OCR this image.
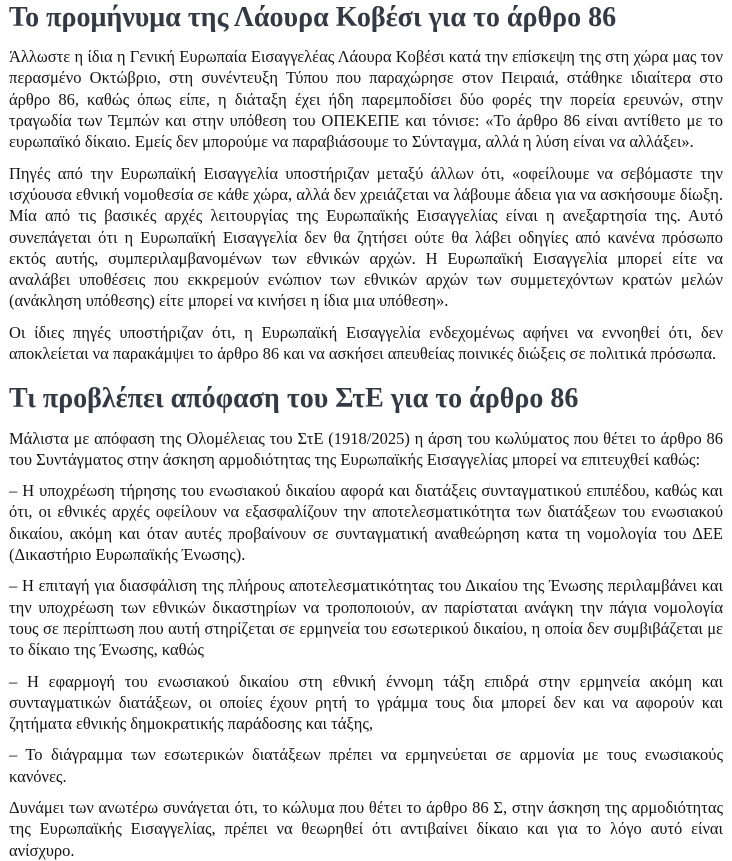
Το προμήνυμα της Λάουρα Κοβέσι για το άρθρο 86

Άλλωστε η ίδια η Γενική Ευρωπαία Εισαγγελέας Λάουρα Κοβέσι κατά την επίσκεψη της στη χώρα μας τον περασμένο Οκτώβριο, στη συνέντευξη Τύπου που παραχώρησε στον Πειραιά, στάθηκε ιδιαίτερα στο άρθρο 86, καθώς όπως είπε, η διάταξη έχει ήδη παρεμποδίσει δύο φορές την πορεία ερευνών, στην τραγωδία των Τεμπών και στην υπόθεση του ΟΠΕΚΕΠΕ και τόνισε: «Το άρθρο 86 είναι αντίθετο με το ευρωπαϊκό δίκαιο. Εμείς δεν μπορούμε να παραβιάσουμε το Σύνταγμα, αλλά η λύση είναι να αλλάξει».

Πηγές από την Ευρωπαϊκή Εισαγγελία υποστήριζαν μεταξύ άλλων ότι, «οφείλουμε να σεβόμαστε την ισχύουσα εθνική νομοθεσία σε κάθε χώρα, αλλά δεν χρειάζεται να λάβουμε άδεια για να ασκήσουμε δίωξη. Μία από τις βασικές αρχές λειτουργίας της Ευρωπαϊκής Εισαγγελίας είναι η ανεξαρτησία της. Αυτό συνεπάγεται ότι η Ευρωπαϊκή Εισαγγελία δεν θα ζητήσει ούτε θα λάβει οδηγίες από κανένα πρόσωπο εκτός αυτής, συμπεριλαμβανομένων των εθνικών αρχών. Η Ευρωπαϊκή Εισαγγελία μπορεί είτε να αναλάβει υποθέσεις που εκκρεμούν ενώπιον των εθνικών αρχών των συμμετεχόντων κρατών μελών (ανάκληση υπόθεσης) είτε μπορεί να κινήσει η ίδια μια υπόθεση».

Οι ίδιες πηγές υποστήριζαν ότι, η Ευρωπαϊκή Εισαγγελία ενδεχομένως αφήνει να εννοηθεί ότι, δεν αποκλείεται να παρακάμψει το άρθρο 86 και να ασκήσει απευθείας ποινικές διώξεις σε πολιτικά πρόσωπα.

Τι προβλέπει απόφαση του ΣτΕ για το άρθρο 86

Μάλιστα με απόφαση της Ολομέλειας του ΣτΕ (1918/2025) η άρση του κωλύματος που θέτει το άρθρο 86 του Συντάγματος στην άσκηση αρμοδιότητας της Ευρωπαϊκής Εισαγγελίας μπορεί να επιτευχθεί καθώς:

– Η υποχρέωση τήρησης του ενωσιακού δικαίου αφορά και διατάξεις συνταγματικού επιπέδου, καθώς και ότι, οι εθνικές αρχές οφείλουν να εξασφαλίζουν την αποτελεσματικότητα των διατάξεων του ενωσιακού δικαίου, ακόμη και όταν αυτές προβαίνουν σε συνταγματική αναθεώρηση κατα τη νομολογία του ΔΕΕ (Δικαστήριο Ευρωπαϊκής Ένωσης).

– Η επιταγή για διασφάλιση της πλήρους αποτελεσματικότητας του Δικαίου της Ένωσης περιλαμβάνει και την υποχρέωση των εθνικών δικαστηρίων να τροποποιούν, αν παρίσταται ανάγκη την πάγια νομολογία τους σε περίπτωση που αυτή στηρίζεται σε ερμηνεία του εσωτερικού δικαίου, η οποία δεν συμβιβάζεται με το δίκαιο της Ένωσης, καθώς

– Η εφαρμογή του ενωσιακού δικαίου στη εθνική έννομη τάξη επιδρά στην ερμηνεία ακόμη και συνταγματικών διατάξεων, οι οποίες έχουν ρητή το γράμμα τους δια μπορεί δεν και να αφορούν και ζητήματα εθνικής δημοκρατικής παράδοσης και τάξης,

– Το διάγραμμα των εσωτερικών διατάξεων πρέπει να ερμηνεύεται σε αρμονία με τους ενωσιακούς κανόνες.

Δυνάμει των ανωτέρω συνάγεται ότι, το κώλυμα που θέτει το άρθρο 86 Σ, στην άσκηση της αρμοδιότητας της Ευρωπαϊκής Εισαγγελίας, πρέπει να θεωρηθεί ότι αντιβαίνει δίκαιο και για το λόγο αυτό είναι ανίσχυρο.
